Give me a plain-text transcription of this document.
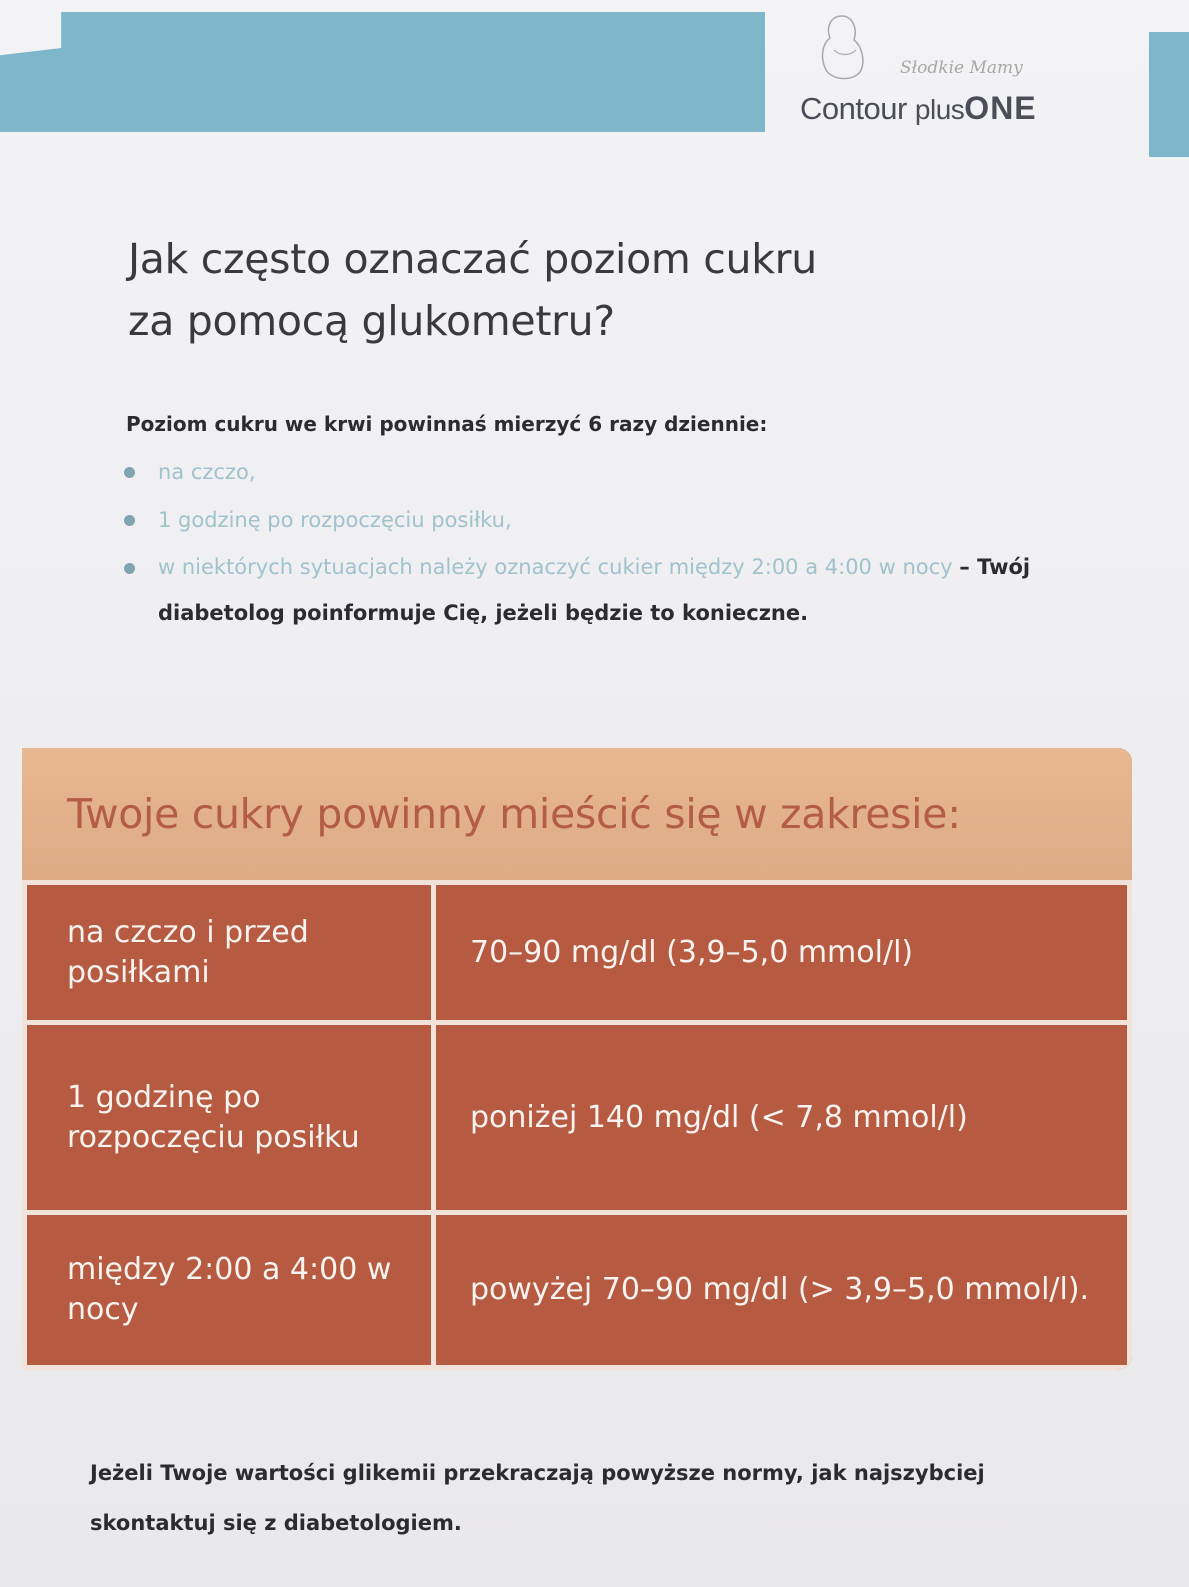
Słodkie Mamy
Contour plusONE
Jak często oznaczać poziom cukru
za pomocą glukometru?
Poziom cukru we krwi powinnaś mierzyć 6 razy dziennie:
na czczo,
1 godzinę po rozpoczęciu posiłku,
w niektórych sytuacjach należy oznaczyć cukier między 2:00 a 4:00 w nocy – Twój diabetolog poinformuje Cię, jeżeli będzie to konieczne.
Twoje cukry powinny mieścić się w zakresie:
na czczo i przed posiłkami	70–90 mg/dl (3,9–5,0 mmol/l)
1 godzinę po rozpoczęciu posiłku	poniżej 140 mg/dl (< 7,8 mmol/l)
między 2:00 a 4:00 w nocy	powyżej 70–90 mg/dl (> 3,9–5,0 mmol/l).
Jeżeli Twoje wartości glikemii przekraczają powyższe normy, jak najszybciej skontaktuj się z diabetologiem.
